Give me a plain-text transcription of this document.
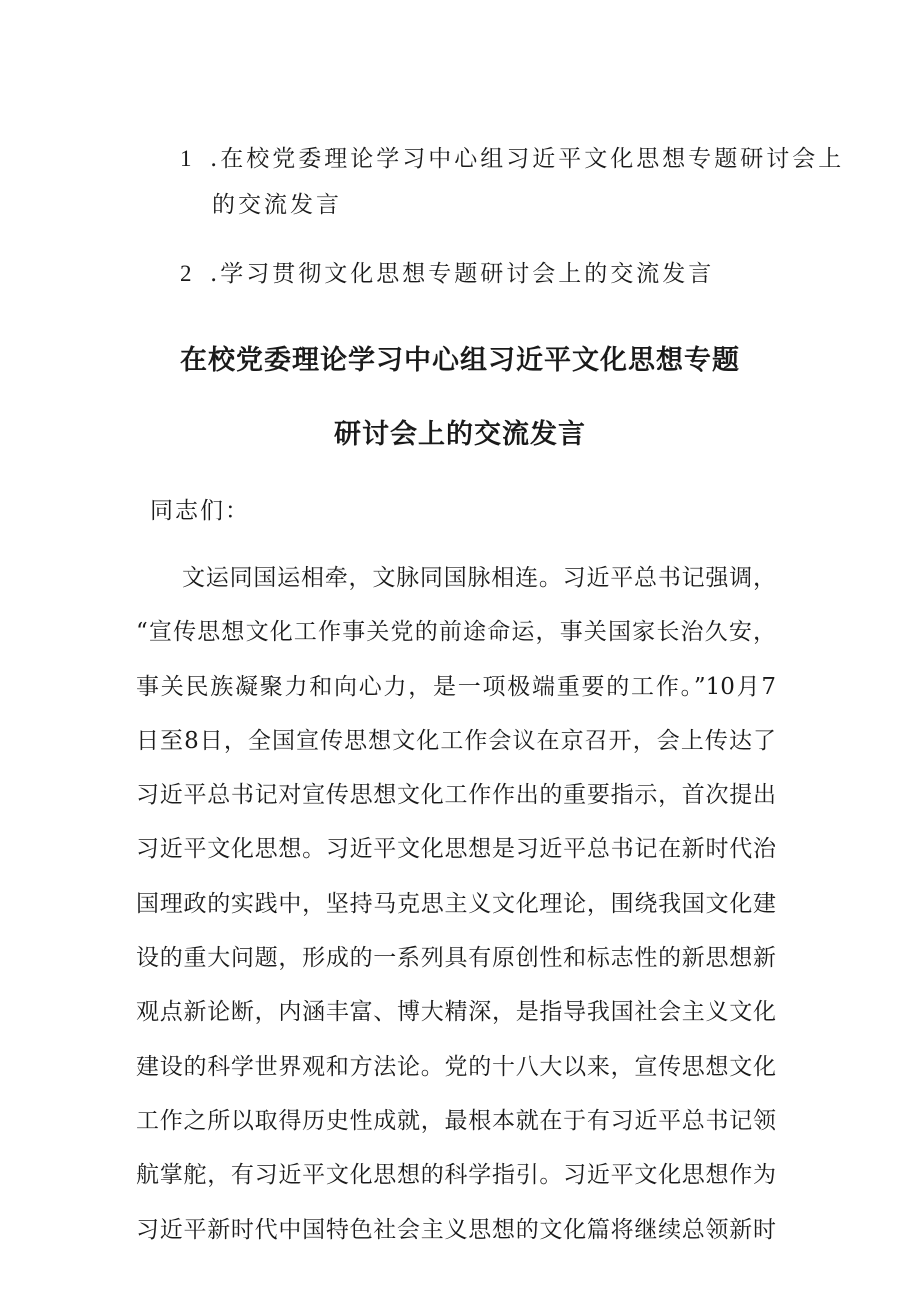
1 .在校党委理论学习中心组习近平文化思想专题研讨会上
的交流发言
2 .学习贯彻文化思想专题研讨会上的交流发言
在校党委理论学习中心组习近平文化思想专题
研讨会上的交流发言
同志们：
文运同国运相牵，文脉同国脉相连。习近平总书记强调，
“宣传思想文化工作事关党的前途命运，事关国家长治久安，
事关民族凝聚力和向心力，是一项极端重要的工作。”10月7
日至8日，全国宣传思想文化工作会议在京召开，会上传达了
习近平总书记对宣传思想文化工作作出的重要指示，首次提出
习近平文化思想。习近平文化思想是习近平总书记在新时代治
国理政的实践中，坚持马克思主义文化理论，围绕我国文化建
设的重大问题，形成的一系列具有原创性和标志性的新思想新
观点新论断，内涵丰富、博大精深，是指导我国社会主义文化
建设的科学世界观和方法论。党的十八大以来，宣传思想文化
工作之所以取得历史性成就，最根本就在于有习近平总书记领
航掌舵，有习近平文化思想的科学指引。习近平文化思想作为
习近平新时代中国特色社会主义思想的文化篇将继续总领新时
